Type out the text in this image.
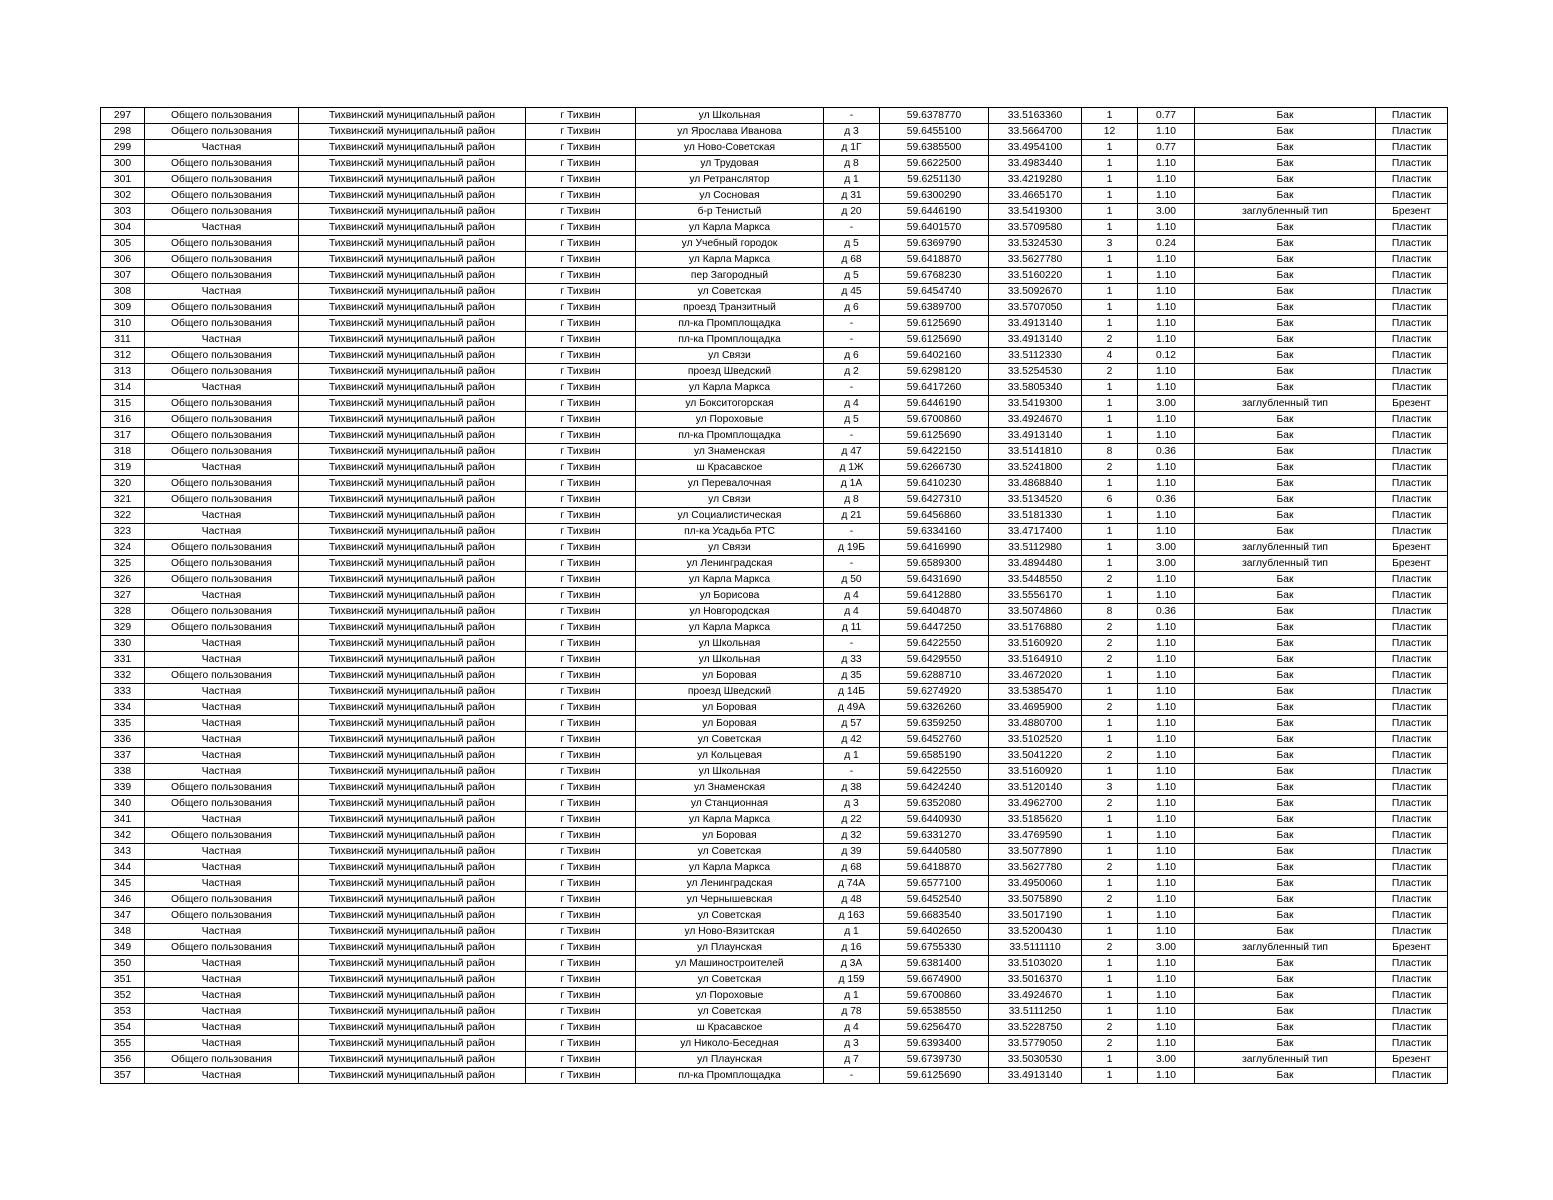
297	Общего пользования	Тихвинский муниципальный район	г Тихвин	ул Школьная	-	59.6378770	33.5163360	1	0.77	Бак	Пластик
298	Общего пользования	Тихвинский муниципальный район	г Тихвин	ул Ярослава Иванова	д 3	59.6455100	33.5664700	12	1.10	Бак	Пластик
299	Частная	Тихвинский муниципальный район	г Тихвин	ул Ново-Советская	д 1Г	59.6385500	33.4954100	1	0.77	Бак	Пластик
300	Общего пользования	Тихвинский муниципальный район	г Тихвин	ул Трудовая	д 8	59.6622500	33.4983440	1	1.10	Бак	Пластик
301	Общего пользования	Тихвинский муниципальный район	г Тихвин	ул Ретранслятор	д 1	59.6251130	33.4219280	1	1.10	Бак	Пластик
302	Общего пользования	Тихвинский муниципальный район	г Тихвин	ул Сосновая	д 31	59.6300290	33.4665170	1	1.10	Бак	Пластик
303	Общего пользования	Тихвинский муниципальный район	г Тихвин	б-р Тенистый	д 20	59.6446190	33.5419300	1	3.00	заглубленный тип	Брезент
304	Частная	Тихвинский муниципальный район	г Тихвин	ул Карла Маркса	-	59.6401570	33.5709580	1	1.10	Бак	Пластик
305	Общего пользования	Тихвинский муниципальный район	г Тихвин	ул Учебный городок	д 5	59.6369790	33.5324530	3	0.24	Бак	Пластик
306	Общего пользования	Тихвинский муниципальный район	г Тихвин	ул Карла Маркса	д 68	59.6418870	33.5627780	1	1.10	Бак	Пластик
307	Общего пользования	Тихвинский муниципальный район	г Тихвин	пер Загородный	д 5	59.6768230	33.5160220	1	1.10	Бак	Пластик
308	Частная	Тихвинский муниципальный район	г Тихвин	ул Советская	д 45	59.6454740	33.5092670	1	1.10	Бак	Пластик
309	Общего пользования	Тихвинский муниципальный район	г Тихвин	проезд Транзитный	д 6	59.6389700	33.5707050	1	1.10	Бак	Пластик
310	Общего пользования	Тихвинский муниципальный район	г Тихвин	пл-ка Промплощадка	-	59.6125690	33.4913140	1	1.10	Бак	Пластик
311	Частная	Тихвинский муниципальный район	г Тихвин	пл-ка Промплощадка	-	59.6125690	33.4913140	2	1.10	Бак	Пластик
312	Общего пользования	Тихвинский муниципальный район	г Тихвин	ул Связи	д 6	59.6402160	33.5112330	4	0.12	Бак	Пластик
313	Общего пользования	Тихвинский муниципальный район	г Тихвин	проезд Шведский	д 2	59.6298120	33.5254530	2	1.10	Бак	Пластик
314	Частная	Тихвинский муниципальный район	г Тихвин	ул Карла Маркса	-	59.6417260	33.5805340	1	1.10	Бак	Пластик
315	Общего пользования	Тихвинский муниципальный район	г Тихвин	ул Бокситогорская	д 4	59.6446190	33.5419300	1	3.00	заглубленный тип	Брезент
316	Общего пользования	Тихвинский муниципальный район	г Тихвин	ул Пороховые	д 5	59.6700860	33.4924670	1	1.10	Бак	Пластик
317	Общего пользования	Тихвинский муниципальный район	г Тихвин	пл-ка Промплощадка	-	59.6125690	33.4913140	1	1.10	Бак	Пластик
318	Общего пользования	Тихвинский муниципальный район	г Тихвин	ул Знаменская	д 47	59.6422150	33.5141810	8	0.36	Бак	Пластик
319	Частная	Тихвинский муниципальный район	г Тихвин	ш Красавское	д 1Ж	59.6266730	33.5241800	2	1.10	Бак	Пластик
320	Общего пользования	Тихвинский муниципальный район	г Тихвин	ул Перевалочная	д 1А	59.6410230	33.4868840	1	1.10	Бак	Пластик
321	Общего пользования	Тихвинский муниципальный район	г Тихвин	ул Связи	д 8	59.6427310	33.5134520	6	0.36	Бак	Пластик
322	Частная	Тихвинский муниципальный район	г Тихвин	ул Социалистическая	д 21	59.6456860	33.5181330	1	1.10	Бак	Пластик
323	Частная	Тихвинский муниципальный район	г Тихвин	пл-ка Усадьба РТС	-	59.6334160	33.4717400	1	1.10	Бак	Пластик
324	Общего пользования	Тихвинский муниципальный район	г Тихвин	ул Связи	д 19Б	59.6416990	33.5112980	1	3.00	заглубленный тип	Брезент
325	Общего пользования	Тихвинский муниципальный район	г Тихвин	ул Ленинградская	-	59.6589300	33.4894480	1	3.00	заглубленный тип	Брезент
326	Общего пользования	Тихвинский муниципальный район	г Тихвин	ул Карла Маркса	д 50	59.6431690	33.5448550	2	1.10	Бак	Пластик
327	Частная	Тихвинский муниципальный район	г Тихвин	ул Борисова	д 4	59.6412880	33.5556170	1	1.10	Бак	Пластик
328	Общего пользования	Тихвинский муниципальный район	г Тихвин	ул Новгородская	д 4	59.6404870	33.5074860	8	0.36	Бак	Пластик
329	Общего пользования	Тихвинский муниципальный район	г Тихвин	ул Карла Маркса	д 11	59.6447250	33.5176880	2	1.10	Бак	Пластик
330	Частная	Тихвинский муниципальный район	г Тихвин	ул Школьная	-	59.6422550	33.5160920	2	1.10	Бак	Пластик
331	Частная	Тихвинский муниципальный район	г Тихвин	ул Школьная	д 33	59.6429550	33.5164910	2	1.10	Бак	Пластик
332	Общего пользования	Тихвинский муниципальный район	г Тихвин	ул Боровая	д 35	59.6288710	33.4672020	1	1.10	Бак	Пластик
333	Частная	Тихвинский муниципальный район	г Тихвин	проезд Шведский	д 14Б	59.6274920	33.5385470	1	1.10	Бак	Пластик
334	Частная	Тихвинский муниципальный район	г Тихвин	ул Боровая	д 49А	59.6326260	33.4695900	2	1.10	Бак	Пластик
335	Частная	Тихвинский муниципальный район	г Тихвин	ул Боровая	д 57	59.6359250	33.4880700	1	1.10	Бак	Пластик
336	Частная	Тихвинский муниципальный район	г Тихвин	ул Советская	д 42	59.6452760	33.5102520	1	1.10	Бак	Пластик
337	Частная	Тихвинский муниципальный район	г Тихвин	ул Кольцевая	д 1	59.6585190	33.5041220	2	1.10	Бак	Пластик
338	Частная	Тихвинский муниципальный район	г Тихвин	ул Школьная	-	59.6422550	33.5160920	1	1.10	Бак	Пластик
339	Общего пользования	Тихвинский муниципальный район	г Тихвин	ул Знаменская	д 38	59.6424240	33.5120140	3	1.10	Бак	Пластик
340	Общего пользования	Тихвинский муниципальный район	г Тихвин	ул Станционная	д 3	59.6352080	33.4962700	2	1.10	Бак	Пластик
341	Частная	Тихвинский муниципальный район	г Тихвин	ул Карла Маркса	д 22	59.6440930	33.5185620	1	1.10	Бак	Пластик
342	Общего пользования	Тихвинский муниципальный район	г Тихвин	ул Боровая	д 32	59.6331270	33.4769590	1	1.10	Бак	Пластик
343	Частная	Тихвинский муниципальный район	г Тихвин	ул Советская	д 39	59.6440580	33.5077890	1	1.10	Бак	Пластик
344	Частная	Тихвинский муниципальный район	г Тихвин	ул Карла Маркса	д 68	59.6418870	33.5627780	2	1.10	Бак	Пластик
345	Частная	Тихвинский муниципальный район	г Тихвин	ул Ленинградская	д 74А	59.6577100	33.4950060	1	1.10	Бак	Пластик
346	Общего пользования	Тихвинский муниципальный район	г Тихвин	ул Чернышевская	д 48	59.6452540	33.5075890	2	1.10	Бак	Пластик
347	Общего пользования	Тихвинский муниципальный район	г Тихвин	ул Советская	д 163	59.6683540	33.5017190	1	1.10	Бак	Пластик
348	Частная	Тихвинский муниципальный район	г Тихвин	ул Ново-Вязитская	д 1	59.6402650	33.5200430	1	1.10	Бак	Пластик
349	Общего пользования	Тихвинский муниципальный район	г Тихвин	ул Плаунская	д 16	59.6755330	33.5111110	2	3.00	заглубленный тип	Брезент
350	Частная	Тихвинский муниципальный район	г Тихвин	ул Машиностроителей	д 3А	59.6381400	33.5103020	1	1.10	Бак	Пластик
351	Частная	Тихвинский муниципальный район	г Тихвин	ул Советская	д 159	59.6674900	33.5016370	1	1.10	Бак	Пластик
352	Частная	Тихвинский муниципальный район	г Тихвин	ул Пороховые	д 1	59.6700860	33.4924670	1	1.10	Бак	Пластик
353	Частная	Тихвинский муниципальный район	г Тихвин	ул Советская	д 78	59.6538550	33.5111250	1	1.10	Бак	Пластик
354	Частная	Тихвинский муниципальный район	г Тихвин	ш Красавское	д 4	59.6256470	33.5228750	2	1.10	Бак	Пластик
355	Частная	Тихвинский муниципальный район	г Тихвин	ул Николо-Беседная	д 3	59.6393400	33.5779050	2	1.10	Бак	Пластик
356	Общего пользования	Тихвинский муниципальный район	г Тихвин	ул Плаунская	д 7	59.6739730	33.5030530	1	3.00	заглубленный тип	Брезент
357	Частная	Тихвинский муниципальный район	г Тихвин	пл-ка Промплощадка	-	59.6125690	33.4913140	1	1.10	Бак	Пластик
